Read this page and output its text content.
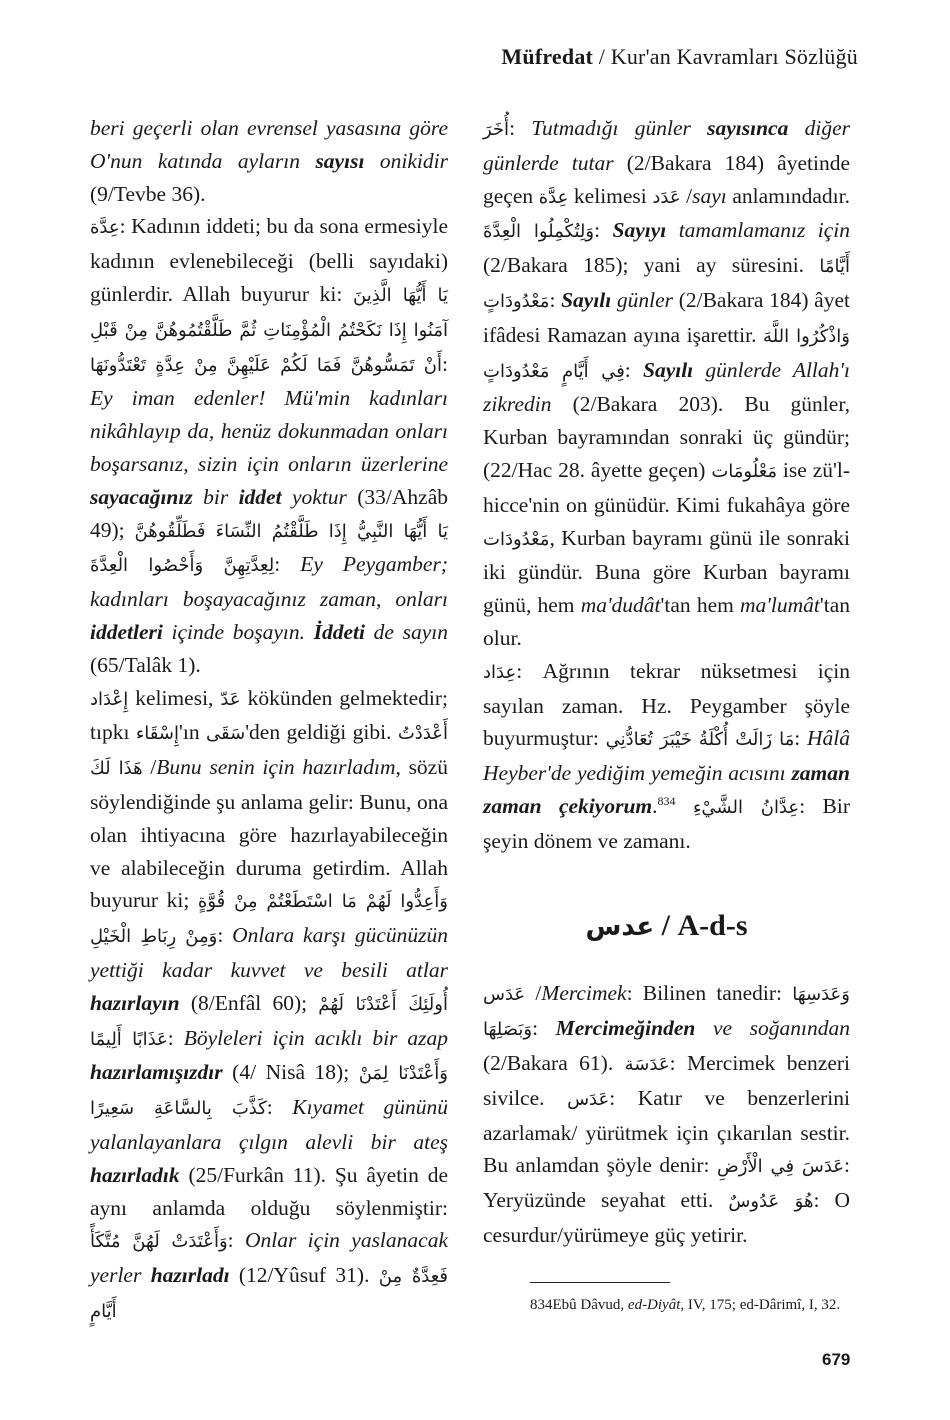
Müfredat / Kur'an Kavramları Sözlüğü

beri geçerli olan evrensel yasasına göre O'nun katında ayların sayısı onikidir (9/Tevbe 36).
عِدَّة: Kadının iddeti; bu da sona ermesiyle kadının evlenebileceği (belli sayıdaki) günlerdir. Allah buyurur ki: يَا أَيُّهَا الَّذِينَ آمَنُوا إِذَا نَكَحْتُمُ الْمُؤْمِنَاتِ ثُمَّ طَلَّقْتُمُوهُنَّ مِنْ قَبْلِ أَنْ تَمَسُّوهُنَّ فَمَا لَكُمْ عَلَيْهِنَّ مِنْ عِدَّةٍ تَعْتَدُّونَهَا: Ey iman edenler! Mü'min kadınları nikâhlayıp da, henüz dokunmadan onları boşarsanız, sizin için onların üzerlerine sayacağınız bir iddet yoktur (33/Ahzâb 49); يَا أَيُّهَا النَّبِيُّ إِذَا طَلَّقْتُمُ النِّسَاءَ فَطَلِّقُوهُنَّ لِعِدَّتِهِنَّ وَأَحْصُوا الْعِدَّةَ: Ey Peygamber; kadınları boşayacağınız zaman, onları iddetleri içinde boşayın. İddeti de sayın (65/Talâk 1).
إِعْدَاد kelimesi, عَدّ kökünden gelmektedir; tıpkı إِسْقَاء'ın سَقَى'den geldiği gibi. أَعْدَدْتُ هَذَا لَكَ /Bunu senin için hazırladım, sözü söylendiğinde şu anlama gelir: Bunu, ona olan ihtiyacına göre hazırlayabileceğin ve alabileceğin duruma getirdim. Allah buyurur ki; وَأَعِدُّوا لَهُمْ مَا اسْتَطَعْتُمْ مِنْ قُوَّةٍ وَمِنْ رِبَاطِ الْخَيْلِ: Onlara karşı gücünüzün yettiği kadar kuvvet ve besili atlar hazırlayın (8/Enfâl 60); أُولَئِكَ أَعْتَدْنَا لَهُمْ عَذَابًا أَلِيمًا: Böyleleri için acıklı bir azap hazırlamışızdır (4/ Nisâ 18); وَأَعْتَدْنَا لِمَنْ كَذَّبَ بِالسَّاعَةِ سَعِيرًا: Kıyamet gününü yalanlayanlara çılgın alevli bir ateş hazırladık (25/Furkân 11). Şu âyetin de aynı anlamda olduğu söylenmiştir: وَأَعْتَدَتْ لَهُنَّ مُتَّكَأً: Onlar için yaslanacak yerler hazırladı (12/Yûsuf 31). فَعِدَّةٌ مِنْ أَيَّامٍ

أُخَرَ: Tutmadığı günler sayısınca diğer günlerde tutar (2/Bakara 184) âyetinde geçen عِدَّة kelimesi عَدَد /sayı anlamındadır. وَلِتُكْمِلُوا الْعِدَّةَ: Sayıyı tamamlamanız için (2/Bakara 185); yani ay süresini. أَيَّامًا مَعْدُودَاتٍ: Sayılı günler (2/Bakara 184) âyet ifâdesi Ramazan ayına işarettir. وَاذْكُرُوا اللَّهَ فِي أَيَّامٍ مَعْدُودَاتٍ: Sayılı günlerde Allah'ı zikredin (2/Bakara 203). Bu günler, Kurban bayramından sonraki üç gündür; (22/Hac 28. âyette geçen) مَعْلُومَات ise zü'l-hicce'nin on günüdür. Kimi fukahâya göre مَعْدُودَات, Kurban bayramı günü ile sonraki iki gündür. Buna göre Kurban bayramı günü, hem ma'dudât'tan hem ma'lumât'tan olur.
عِدَاد: Ağrının tekrar nüksetmesi için sayılan zaman. Hz. Peygamber şöyle buyurmuştur: مَا زَالَتْ أُكْلَةُ خَيْبَرَ تُعَادُّنِي: Hâlâ Heyber'de yediğim yemeğin acısını zaman zaman çekiyorum.$^{834}$ عِدَّانُ الشَّيْءِ: Bir şeyin dönem ve zamanı.

عدس / A-d-s

عَدَس /Mercimek: Bilinen tanedir: وَعَدَسِهَا وَبَصَلِهَا: Mercimeğinden ve soğanından (2/Bakara 61). عَدَسَة: Mercimek benzeri sivilce. عَدَس: Katır ve benzerlerini azarlamak/ yürütmek için çıkarılan sestir. Bu anlamdan şöyle denir: عَدَسَ فِي الْأَرْضِ: Yeryüzünde seyahat etti. هُوَ عَدُوسٌ: O cesurdur/yürümeye güç yetirir.

834Ebû Dâvud, ed-Diyât, IV, 175; ed-Dârimî, I, 32.
679
